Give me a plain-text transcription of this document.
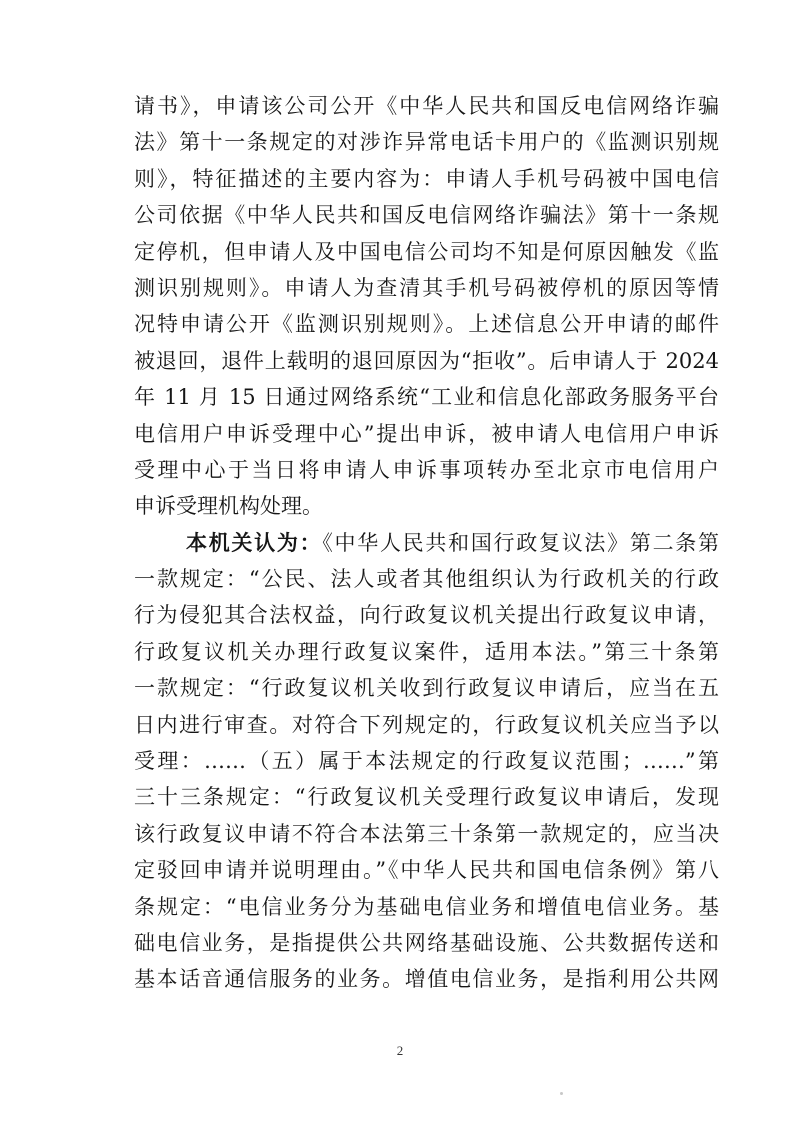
请书》，申请该公司公开《中华人民共和国反电信网络诈骗
法》第十一条规定的对涉诈异常电话卡用户的《监测识别规
则》，特征描述的主要内容为：申请人手机号码被中国电信
公司依据《中华人民共和国反电信网络诈骗法》第十一条规
定停机，但申请人及中国电信公司均不知是何原因触发《监
测识别规则》。申请人为查清其手机号码被停机的原因等情
况特申请公开《监测识别规则》。上述信息公开申请的邮件
被退回，退件上载明的退回原因为“拒收”。后申请人于 2024
年 11 月 15 日通过网络系统“工业和信息化部政务服务平台
电信用户申诉受理中心”提出申诉，被申请人电信用户申诉
受理中心于当日将申请人申诉事项转办至北京市电信用户
申诉受理机构处理。
本机关认为：《中华人民共和国行政复议法》第二条第
一款规定：“公民、法人或者其他组织认为行政机关的行政
行为侵犯其合法权益，向行政复议机关提出行政复议申请，
行政复议机关办理行政复议案件，适用本法。”第三十条第
一款规定：“行政复议机关收到行政复议申请后，应当在五
日内进行审查。对符合下列规定的，行政复议机关应当予以
受理：……（五）属于本法规定的行政复议范围；……”第
三十三条规定：“行政复议机关受理行政复议申请后，发现
该行政复议申请不符合本法第三十条第一款规定的，应当决
定驳回申请并说明理由。”《中华人民共和国电信条例》第八
条规定：“电信业务分为基础电信业务和增值电信业务。基
础电信业务，是指提供公共网络基础设施、公共数据传送和
基本话音通信服务的业务。增值电信业务，是指利用公共网
2
